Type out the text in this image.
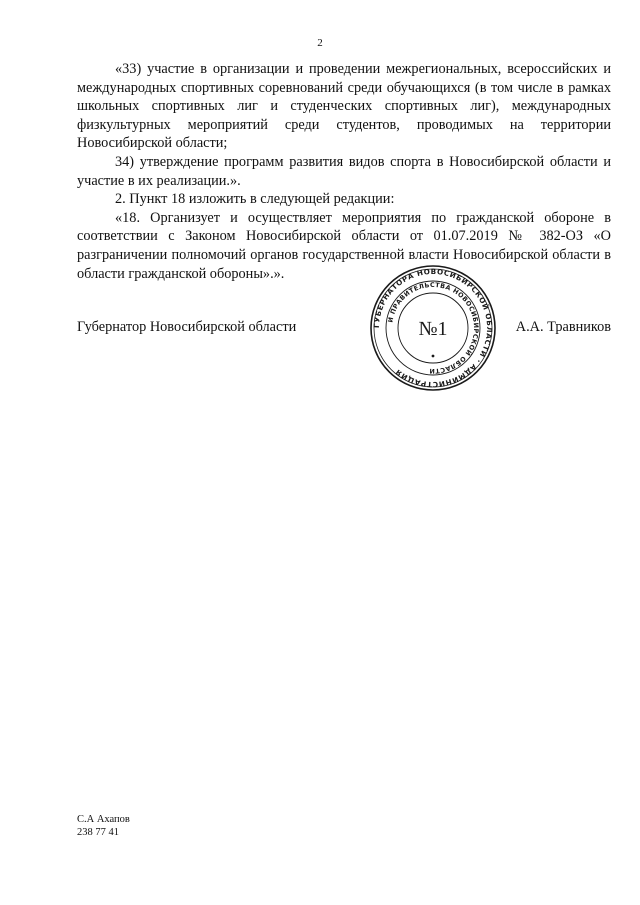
2

«33) участие в организации и проведении межрегиональных, всероссийских и международных спортивных соревнований среди обучающихся (в том числе в рамках школьных спортивных лиг и студенческих спортивных лиг), международных физкультурных мероприятий среди студентов, проводимых на территории Новосибирской области;

34) утверждение программ развития видов спорта в Новосибирской области и участие в их реализации.».

2. Пункт 18 изложить в следующей редакции:

«18. Организует и осуществляет мероприятия по гражданской обороне в соответствии с Законом Новосибирской области от 01.07.2019 № 382-ОЗ «О разграничении полномочий органов государственной власти Новосибирской области в области гражданской обороны».».

Губернатор Новосибирской области	А.А. Травников
ГУБЕРНАТОРА НОВОСИБИРСКОЙ ОБЛАСТИ · АДМИНИСТРАЦИЯ
И ПРАВИТЕЛЬСТВА НОВОСИБИРСКОЙ ОБЛАСТИ
№1
С.А Ахапов
238 77 41
